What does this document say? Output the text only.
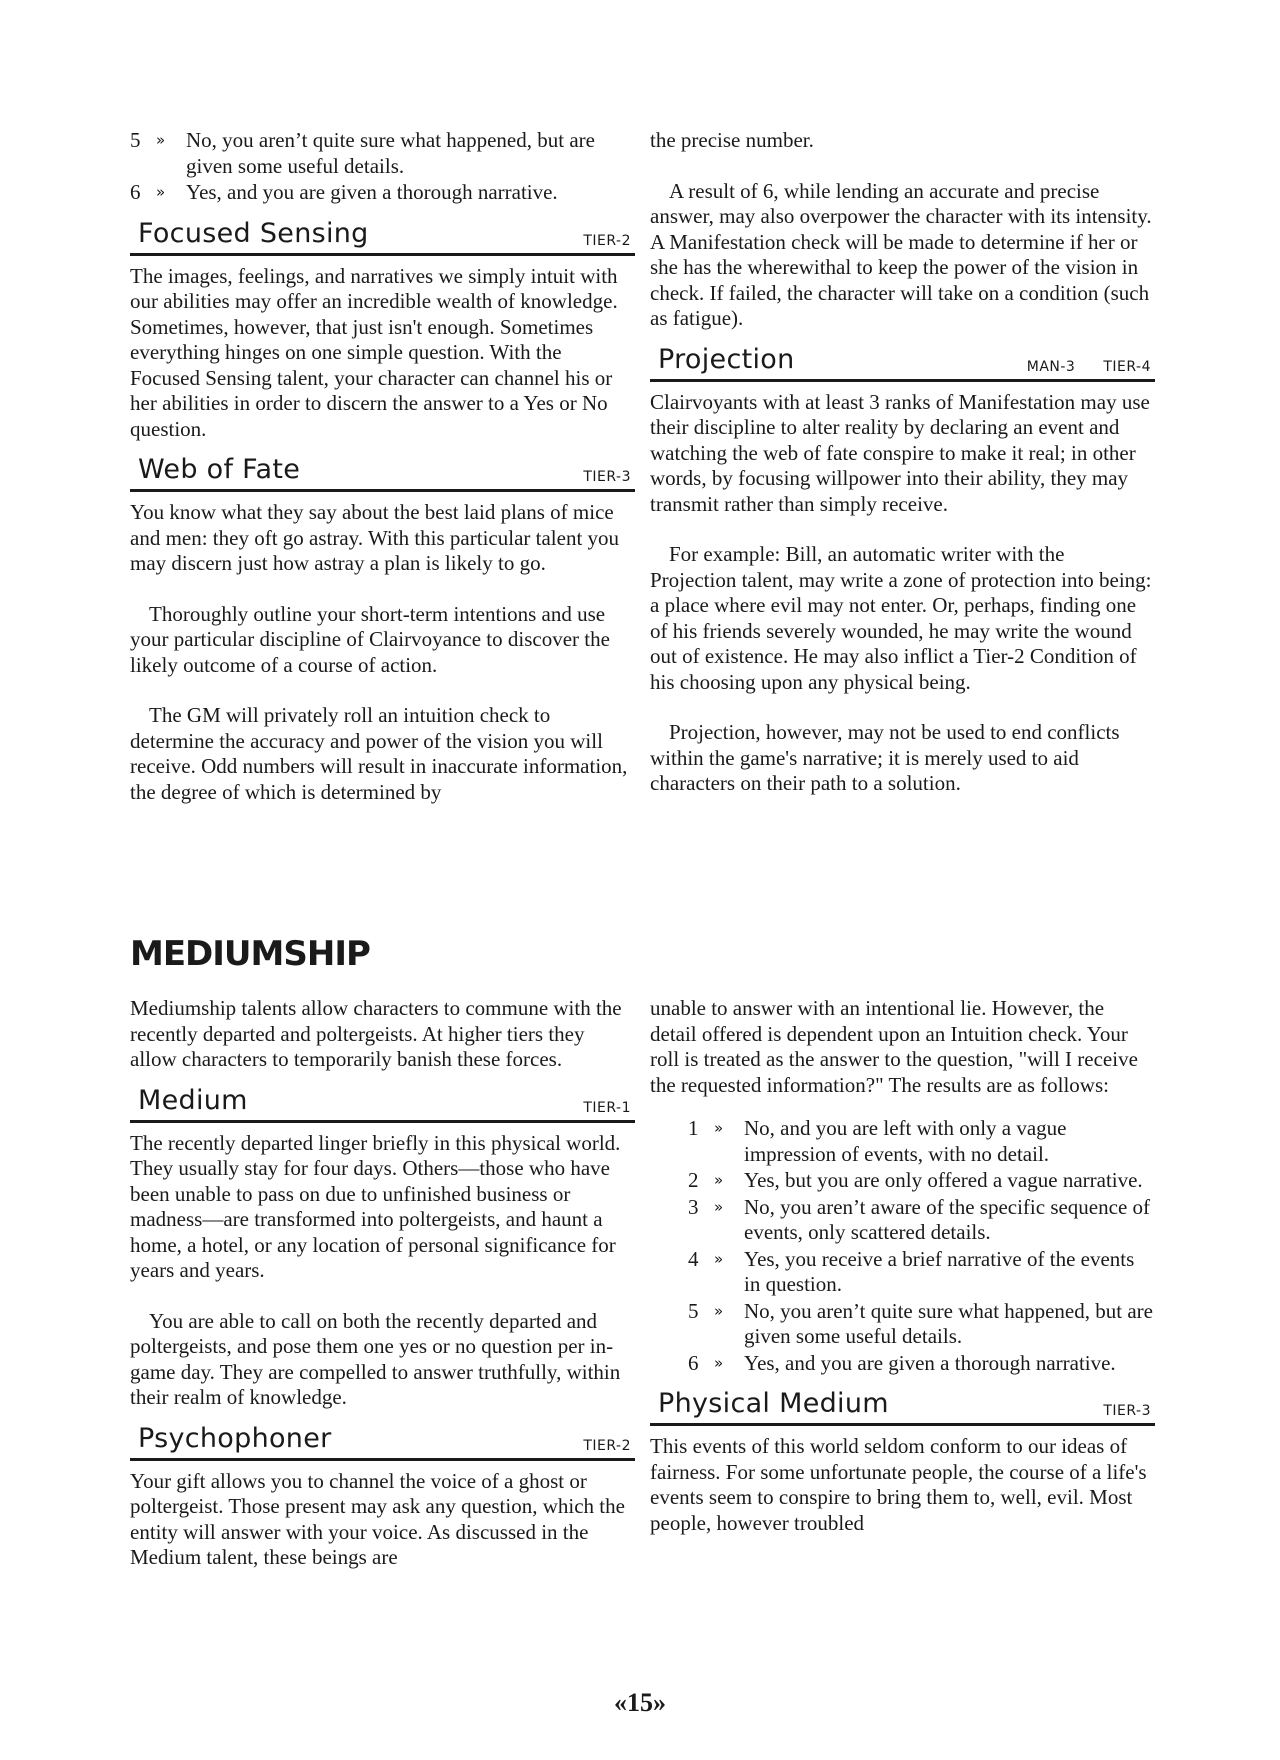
5	» No, you aren’t quite sure what happened, but are given some useful details.
6	» Yes, and you are given a thorough narrative.
Focused Sensing	TIER-2

The images, feelings, and narratives we simply intuit with our abilities may offer an incredible wealth of knowledge. Sometimes, however, that just isn't enough. Sometimes everything hinges on one simple question. With the Focused Sensing talent, your character can channel his or her abilities in order to discern the answer to a Yes or No question.

Web of Fate	TIER-3

You know what they say about the best laid plans of mice and men: they oft go astray. With this particular talent you may discern just how astray a plan is likely to go.

Thoroughly outline your short-term intentions and use your particular discipline of Clairvoyance to discover the likely outcome of a course of action.

The GM will privately roll an intuition check to determine the accuracy and power of the vision you will receive. Odd numbers will result in inaccurate information, the degree of which is determined by

the precise number.

A result of 6, while lending an accurate and precise answer, may also overpower the character with its intensity. A Manifestation check will be made to determine if her or she has the wherewithal to keep the power of the vision in check. If failed, the character will take on a condition (such as fatigue).

Projection	MAN-3 TIER-4

Clairvoyants with at least 3 ranks of Manifestation may use their discipline to alter reality by declaring an event and watching the web of fate conspire to make it real; in other words, by focusing willpower into their ability, they may transmit rather than simply receive.

For example: Bill, an automatic writer with the Projection talent, may write a zone of protection into being: a place where evil may not enter. Or, perhaps, finding one of his friends severely wounded, he may write the wound out of existence. He may also inflict a Tier-2 Condition of his choosing upon any physical being.

Projection, however, may not be used to end conflicts within the game's narrative; it is merely used to aid characters on their path to a solution.

MEDIUMSHIP

Mediumship talents allow characters to commune with the recently departed and poltergeists. At higher tiers they allow characters to temporarily banish these forces.

Medium	TIER-1

The recently departed linger briefly in this physical world. They usually stay for four days. Others—those who have been unable to pass on due to unfinished business or madness—are transformed into poltergeists, and haunt a home, a hotel, or any location of personal significance for years and years.

You are able to call on both the recently departed and poltergeists, and pose them one yes or no question per in-game day. They are compelled to answer truthfully, within their realm of knowledge.

Psychophoner	TIER-2

Your gift allows you to channel the voice of a ghost or poltergeist. Those present may ask any question, which the entity will answer with your voice. As discussed in the Medium talent, these beings are

unable to answer with an intentional lie. However, the detail offered is dependent upon an Intuition check. Your roll is treated as the answer to the question, "will I receive the requested information?" The results are as follows:

1	» No, and you are left with only a vague impression of events, with no detail.
2	» Yes, but you are only offered a vague narrative.
3	» No, you aren’t aware of the specific sequence of events, only scattered details.
4	» Yes, you receive a brief narrative of the events in question.
5	» No, you aren’t quite sure what happened, but are given some useful details.
6	» Yes, and you are given a thorough narrative.
Physical Medium	TIER-3

This events of this world seldom conform to our ideas of fairness. For some unfortunate people, the course of a life's events seem to conspire to bring them to, well, evil. Most people, however troubled

«15»
